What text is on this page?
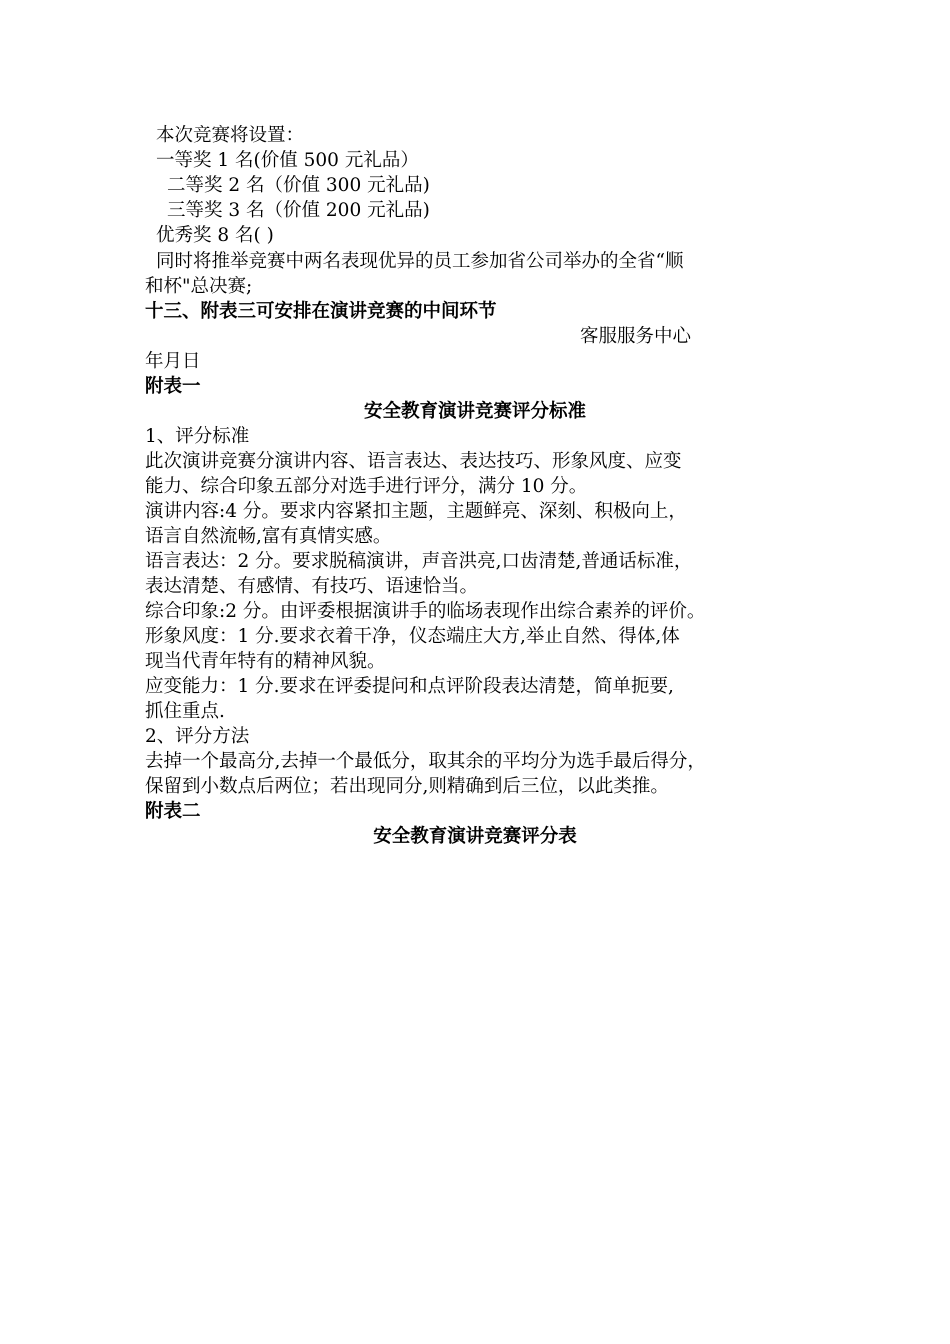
本次竞赛将设置：

一等奖 1 名(价值 500 元礼品）

二等奖 2 名（价值 300 元礼品)

三等奖 3 名（价值 200 元礼品)

优秀奖 8 名( )

同时将推举竞赛中两名表现优异的员工参加省公司举办的全省“顺

和杯"总决赛;

十三、附表三可安排在演讲竞赛的中间环节

客服服务中心

年月日

附表一

安全教育演讲竞赛评分标准

1、评分标准

此次演讲竞赛分演讲内容、语言表达、表达技巧、形象风度、应变

能力、综合印象五部分对选手进行评分，满分 10 分。

演讲内容:4 分。要求内容紧扣主题，主题鲜亮、深刻、积极向上，

语言自然流畅,富有真情实感。

语言表达：2 分。要求脱稿演讲，声音洪亮,口齿清楚,普通话标准，

表达清楚、有感情、有技巧、语速恰当。

综合印象:2 分。由评委根据演讲手的临场表现作出综合素养的评价。

形象风度：1 分.要求衣着干净，仪态端庄大方,举止自然、得体,体

现当代青年特有的精神风貌。

应变能力：1 分.要求在评委提问和点评阶段表达清楚，简单扼要,

抓住重点.

2、评分方法

去掉一个最高分,去掉一个最低分，取其余的平均分为选手最后得分，

保留到小数点后两位；若出现同分,则精确到后三位，以此类推。

附表二

安全教育演讲竞赛评分表
